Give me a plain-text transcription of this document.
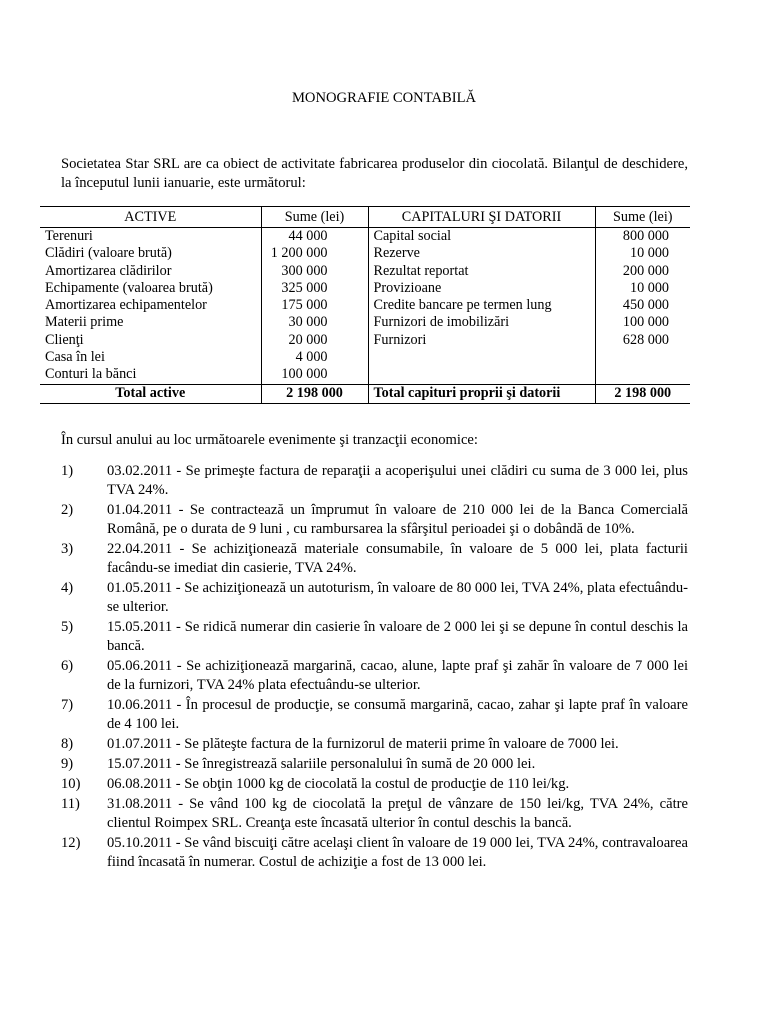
MONOGRAFIE CONTABILĂ
Societatea Star SRL are ca obiect de activitate fabricarea produselor din ciocolată. Bilanţul de deschidere, la începutul lunii ianuarie, este următorul:
ACTIVE	Sume (lei)	CAPITALURI ŞI DATORII	Sume (lei)
Terenuri	44 000	Capital social	800 000
Clădiri (valoare brută)	1 200 000	Rezerve	10 000
Amortizarea clădirilor	300 000	Rezultat reportat	200 000
Echipamente (valoarea brută)	325 000	Provizioane	10 000
Amortizarea echipamentelor	175 000	Credite bancare pe termen lung	450 000
Materii prime	30 000	Furnizori de imobilizări	100 000
Clienţi	20 000	Furnizori	628 000
Casa în lei	4 000		
Conturi la bănci	100 000		
Total active	2 198 000	Total capituri proprii şi datorii	2 198 000
În cursul anului au loc următoarele evenimente şi tranzacţii economice:
1)	03.02.2011 - Se primeşte factura de reparaţii a acoperişului unei clădiri cu suma de 3 000 lei, plus TVA 24%.
2)	01.04.2011 - Se contractează un împrumut în valoare de 210 000 lei de la Banca Comercială Română, pe o durata de 9 luni , cu rambursarea la sfârşitul perioadei şi o dobândă de 10%.
3)	22.04.2011 - Se achiziţionează materiale consumabile, în valoare de 5 000 lei, plata facturii facându-se imediat din casierie, TVA 24%.
4)	01.05.2011 - Se achiziţionează un autoturism, în valoare de 80 000 lei, TVA 24%, plata efectuându-se ulterior.
5)	15.05.2011 - Se ridică numerar din casierie în valoare de 2 000 lei şi se depune în contul deschis la bancă.
6)	05.06.2011 - Se achiziţionează margarină, cacao, alune, lapte praf şi zahăr în valoare de 7 000 lei de la furnizori, TVA 24% plata efectuându-se ulterior.
7)	10.06.2011 - În procesul de producţie, se consumă margarină, cacao, zahar şi lapte praf în valoare de 4 100 lei.
8)	01.07.2011 - Se plăteşte factura de la furnizorul de materii prime în valoare de 7000 lei.
9)	15.07.2011 - Se înregistrează salariile personalului în sumă de 20 000 lei.
10)	06.08.2011 - Se obţin 1000 kg de ciocolată la costul de producţie de 110 lei/kg.
11)	31.08.2011 - Se vând 100 kg de ciocolată la preţul de vânzare de 150 lei/kg, TVA 24%, către clientul Roimpex SRL. Creanţa este încasată ulterior în contul deschis la bancă.
12)	05.10.2011 - Se vând biscuiţi către acelaşi client în valoare de 19 000 lei, TVA 24%, contravaloarea fiind încasată în numerar. Costul de achiziţie a fost de 13 000 lei.
